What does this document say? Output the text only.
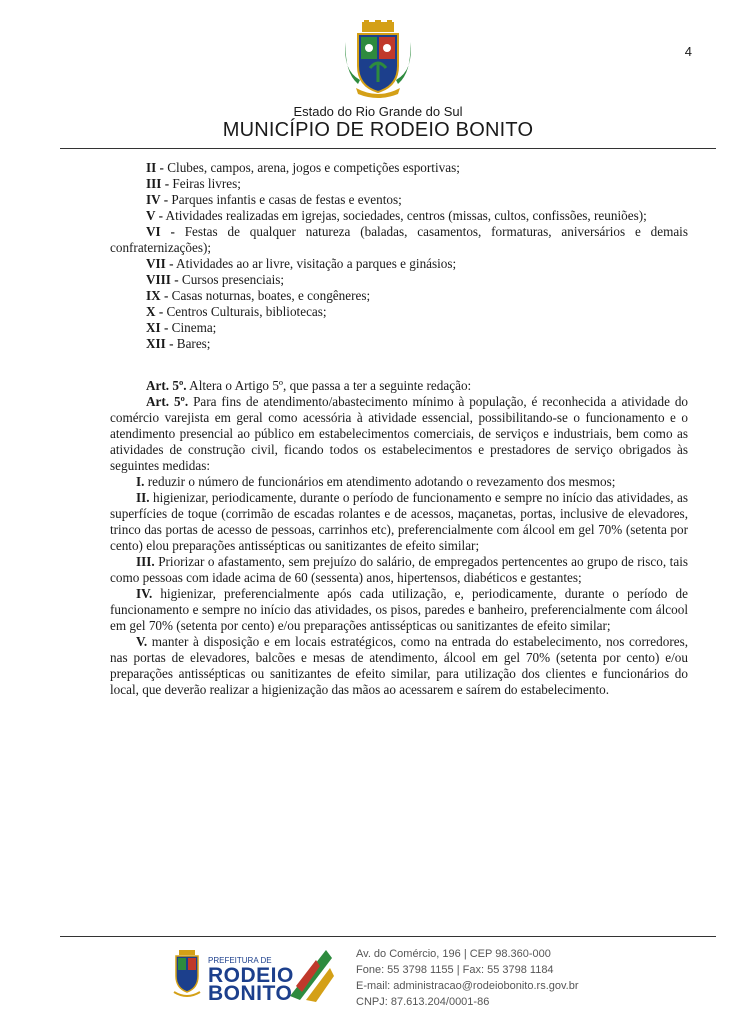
4
Estado do Rio Grande do Sul
MUNICÍPIO DE RODEIO BONITO

II - Clubes, campos, arena, jogos e competições esportivas;

III - Feiras livres;

IV - Parques infantis e casas de festas e eventos;

V - Atividades realizadas em igrejas, sociedades, centros (missas, cultos, confissões, reuniões);

VI - Festas de qualquer natureza (baladas, casamentos, formaturas, aniversários e demais confraternizações);

VII - Atividades ao ar livre, visitação a parques e ginásios;

VIII - Cursos presenciais;

IX - Casas noturnas, boates, e congêneres;

X - Centros Culturais, bibliotecas;

XI - Cinema;

XII - Bares;

Art. 5º. Altera o Artigo 5º, que passa a ter a seguinte redação:

Art. 5º. Para fins de atendimento/abastecimento mínimo à população, é reconhecida a atividade do comércio varejista em geral como acessória à atividade essencial, possibilitando-se o funcionamento e o atendimento presencial ao público em estabelecimentos comerciais, de serviços e industriais, bem como as atividades de construção civil, ficando todos os estabelecimentos e prestadores de serviço obrigados às seguintes medidas:

I. reduzir o número de funcionários em atendimento adotando o revezamento dos mesmos;

II. higienizar, periodicamente, durante o período de funcionamento e sempre no início das atividades, as superfícies de toque (corrimão de escadas rolantes e de acessos, maçanetas, portas, inclusive de elevadores, trinco das portas de acesso de pessoas, carrinhos etc), preferencialmente com álcool em gel 70% (setenta por cento) elou preparações antissépticas ou sanitizantes de efeito similar;

III. Priorizar o afastamento, sem prejuízo do salário, de empregados pertencentes ao grupo de risco, tais como pessoas com idade acima de 60 (sessenta) anos, hipertensos, diabéticos e gestantes;

IV. higienizar, preferencialmente após cada utilização, e, periodicamente, durante o período de funcionamento e sempre no início das atividades, os pisos, paredes e banheiro, preferencialmente com álcool em gel 70% (setenta por cento) e/ou preparações antissépticas ou sanitizantes de efeito similar;

V. manter à disposição e em locais estratégicos, como na entrada do estabelecimento, nos corredores, nas portas de elevadores, balcões e mesas de atendimento, álcool em gel 70% (setenta por cento) e/ou preparações antissépticas ou sanitizantes de efeito similar, para utilização dos clientes e funcionários do local, que deverão realizar a higienização das mãos ao acessarem e saírem do estabelecimento.

PREFEITURA DE
RODEIO
BONITO
Av. do Comércio, 196 | CEP 98.360-000
Fone: 55 3798 1155 | Fax: 55 3798 1184
E-mail: administracao@rodeiobonito.rs.gov.br
CNPJ: 87.613.204/0001-86
